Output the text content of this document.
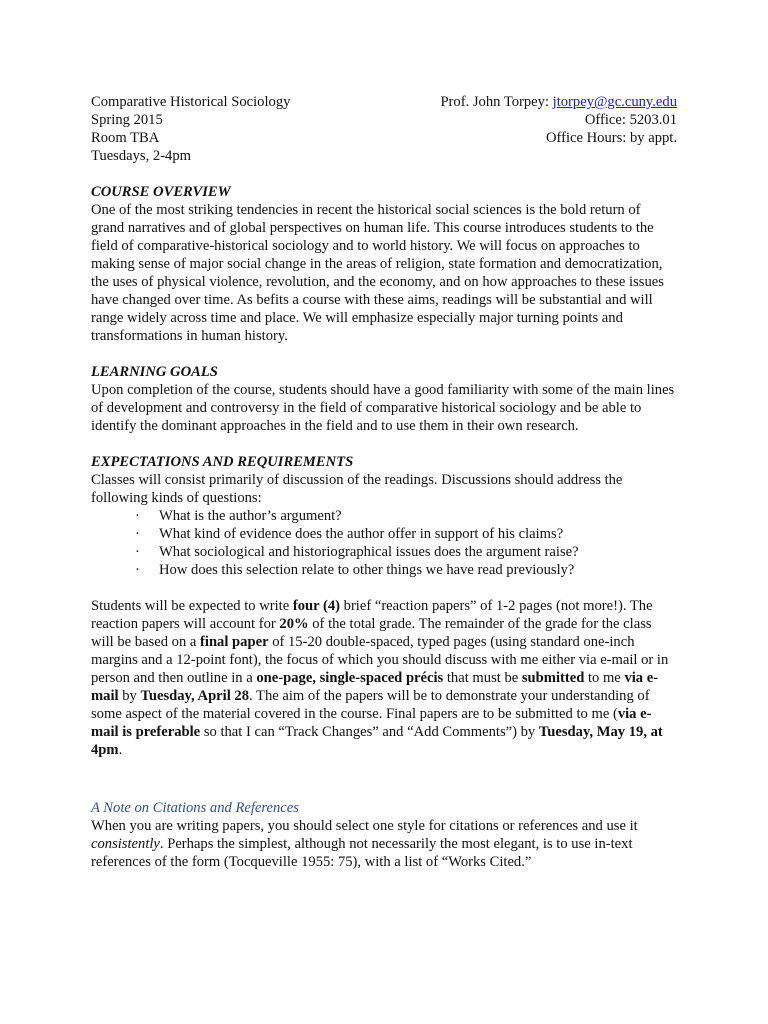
Comparative Historical Sociology	Prof. John Torpey: jtorpey@gc.cuny.edu
Spring 2015	Office: 5203.01
Room TBA	Office Hours: by appt.
Tuesdays, 2-4pm
COURSE OVERVIEW

One of the most striking tendencies in recent the historical social sciences is the bold return of grand narratives and of global perspectives on human life. This course introduces students to the field of comparative-historical sociology and to world history. We will focus on approaches to making sense of major social change in the areas of religion, state formation and democratization, the uses of physical violence, revolution, and the economy, and on how approaches to these issues have changed over time. As befits a course with these aims, readings will be substantial and will range widely across time and place. We will emphasize especially major turning points and transformations in human history.

LEARNING GOALS

Upon completion of the course, students should have a good familiarity with some of the main lines of development and controversy in the field of comparative historical sociology and be able to identify the dominant approaches in the field and to use them in their own research.

EXPECTATIONS AND REQUIREMENTS

Classes will consist primarily of discussion of the readings. Discussions should address the following kinds of questions:

· What is the author’s argument?
· What kind of evidence does the author offer in support of his claims?
· What sociological and historiographical issues does the argument raise?
· How does this selection relate to other things we have read previously?

Students will be expected to write four (4) brief “reaction papers” of 1-2 pages (not more!). The reaction papers will account for 20% of the total grade. The remainder of the grade for the class will be based on a final paper of 15-20 double-spaced, typed pages (using standard one-inch margins and a 12-point font), the focus of which you should discuss with me either via e-mail or in person and then outline in a one-page, single-spaced précis that must be submitted to me via e-mail by Tuesday, April 28. The aim of the papers will be to demonstrate your understanding of some aspect of the material covered in the course. Final papers are to be submitted to me (via e-mail is preferable so that I can “Track Changes” and “Add Comments”) by Tuesday, May 19, at 4pm.

A Note on Citations and References

When you are writing papers, you should select one style for citations or references and use it consistently. Perhaps the simplest, although not necessarily the most elegant, is to use in-text references of the form (Tocqueville 1955: 75), with a list of “Works Cited.”
